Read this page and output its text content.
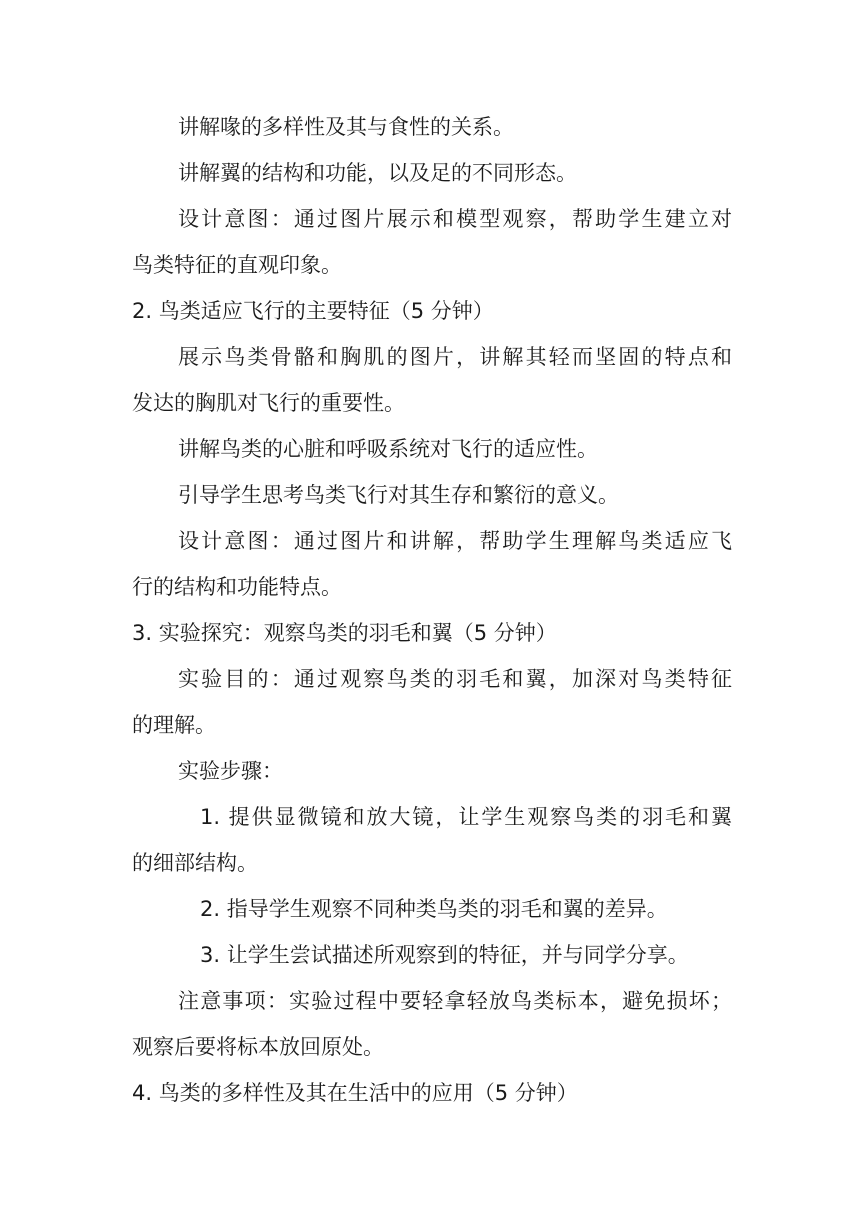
讲解喙的多样性及其与食性的关系。

讲解翼的结构和功能，以及足的不同形态。

设计意图：通过图片展示和模型观察，帮助学生建立对

鸟类特征的直观印象。

2. 鸟类适应飞行的主要特征（5 分钟）

展示鸟类骨骼和胸肌的图片，讲解其轻而坚固的特点和

发达的胸肌对飞行的重要性。

讲解鸟类的心脏和呼吸系统对飞行的适应性。

引导学生思考鸟类飞行对其生存和繁衍的意义。

设计意图：通过图片和讲解，帮助学生理解鸟类适应飞

行的结构和功能特点。

3. 实验探究：观察鸟类的羽毛和翼（5 分钟）

实验目的：通过观察鸟类的羽毛和翼，加深对鸟类特征

的理解。

实验步骤：

1. 提供显微镜和放大镜，让学生观察鸟类的羽毛和翼

的细部结构。

2. 指导学生观察不同种类鸟类的羽毛和翼的差异。

3. 让学生尝试描述所观察到的特征，并与同学分享。

注意事项：实验过程中要轻拿轻放鸟类标本，避免损坏；

观察后要将标本放回原处。

4. 鸟类的多样性及其在生活中的应用（5 分钟）
